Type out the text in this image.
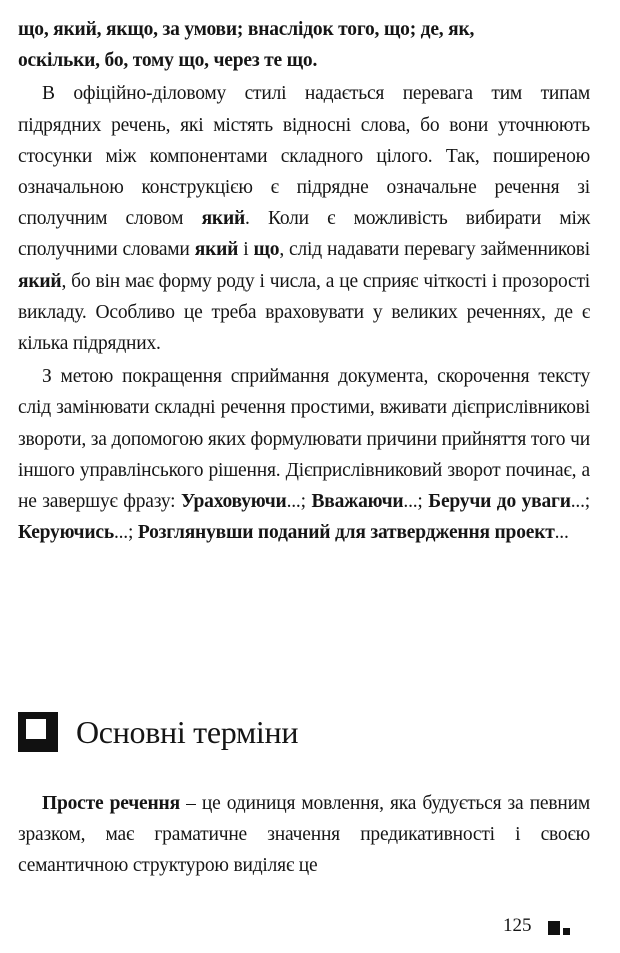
що, який, якщо, за умови; внаслідок того, що; де, як,
оскільки, бо, тому що, через те що.

В офіційно-діловому стилі надається перевага тим типам підрядних речень, які містять відносні слова, бо вони уточнюють стосунки між компонентами складного цілого. Так, поширеною означальною конструкцією є підрядне означальне речення зі сполучним словом який. Коли є можливість вибирати між сполучними словами який і що, слід надавати перевагу займенникові який, бо він має форму роду і числа, а це сприяє чіткості і прозорості викладу. Особливо це треба враховувати у великих реченнях, де є кілька підрядних.

З метою покращення сприймання документа, скорочення тексту слід замінювати складні речення простими, вживати дієприслівникові звороти, за допомогою яких формулювати причини прийняття того чи іншого управлінського рішення. Дієприслівниковий зворот починає, а не завершує фразу: Ураховуючи...; Вважаючи...; Беручи до уваги...; Керуючись...; Розглянувши поданий для затвердження проект...

Основні терміни

Просте речення – це одиниця мовлення, яка будується за певним зразком, має граматичне значення предикативності і своєю семантичною структурою виділяє це

125
